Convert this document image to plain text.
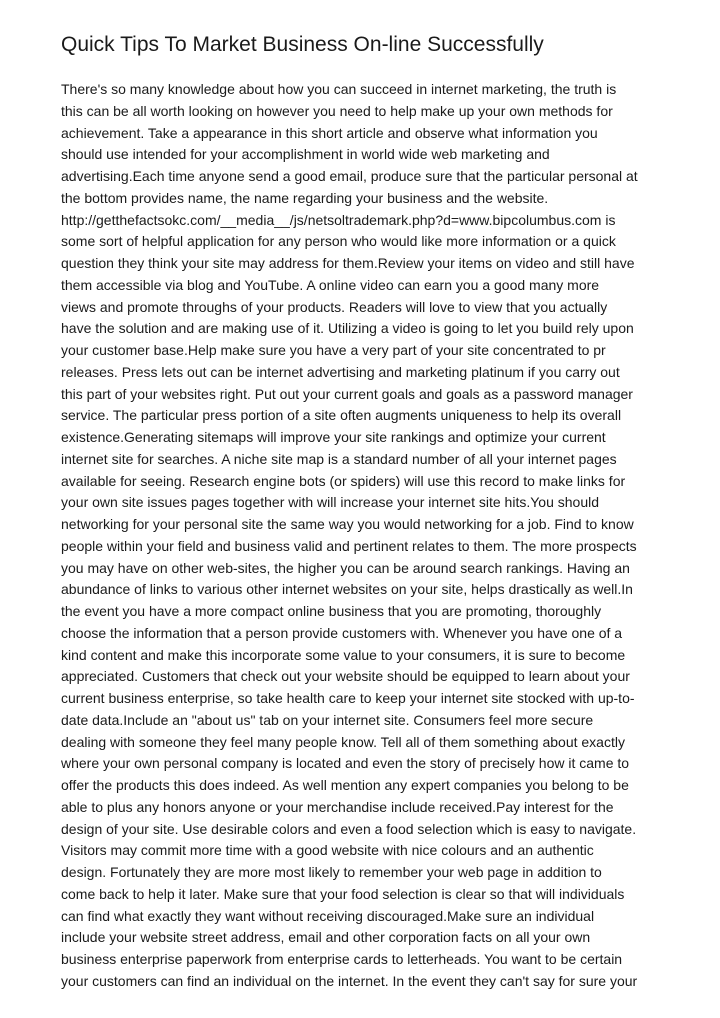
Quick Tips To Market Business On-line Successfully
There's so many knowledge about how you can succeed in internet marketing, the truth is
this can be all worth looking on however you need to help make up your own methods for
achievement. Take a appearance in this short article and observe what information you
should use intended for your accomplishment in world wide web marketing and
advertising.Each time anyone send a good email, produce sure that the particular personal at
the bottom provides name, the name regarding your business and the website.
http://getthefactsokc.com/__media__/js/netsoltrademark.php?d=www.bipcolumbus.com is
some sort of helpful application for any person who would like more information or a quick
question they think your site may address for them.Review your items on video and still have
them accessible via blog and YouTube. A online video can earn you a good many more
views and promote throughs of your products. Readers will love to view that you actually
have the solution and are making use of it. Utilizing a video is going to let you build rely upon
your customer base.Help make sure you have a very part of your site concentrated to pr
releases. Press lets out can be internet advertising and marketing platinum if you carry out
this part of your websites right. Put out your current goals and goals as a password manager
service. The particular press portion of a site often augments uniqueness to help its overall
existence.Generating sitemaps will improve your site rankings and optimize your current
internet site for searches. A niche site map is a standard number of all your internet pages
available for seeing. Research engine bots (or spiders) will use this record to make links for
your own site issues pages together with will increase your internet site hits.You should
networking for your personal site the same way you would networking for a job. Find to know
people within your field and business valid and pertinent relates to them. The more prospects
you may have on other web-sites, the higher you can be around search rankings. Having an
abundance of links to various other internet websites on your site, helps drastically as well.In
the event you have a more compact online business that you are promoting, thoroughly
choose the information that a person provide customers with. Whenever you have one of a
kind content and make this incorporate some value to your consumers, it is sure to become
appreciated. Customers that check out your website should be equipped to learn about your
current business enterprise, so take health care to keep your internet site stocked with up-to-
date data.Include an "about us" tab on your internet site. Consumers feel more secure
dealing with someone they feel many people know. Tell all of them something about exactly
where your own personal company is located and even the story of precisely how it came to
offer the products this does indeed. As well mention any expert companies you belong to be
able to plus any honors anyone or your merchandise include received.Pay interest for the
design of your site. Use desirable colors and even a food selection which is easy to navigate.
Visitors may commit more time with a good website with nice colours and an authentic
design. Fortunately they are more most likely to remember your web page in addition to
come back to help it later. Make sure that your food selection is clear so that will individuals
can find what exactly they want without receiving discouraged.Make sure an individual
include your website street address, email and other corporation facts on all your own
business enterprise paperwork from enterprise cards to letterheads. You want to be certain
your customers can find an individual on the internet. In the event they can't say for sure your
